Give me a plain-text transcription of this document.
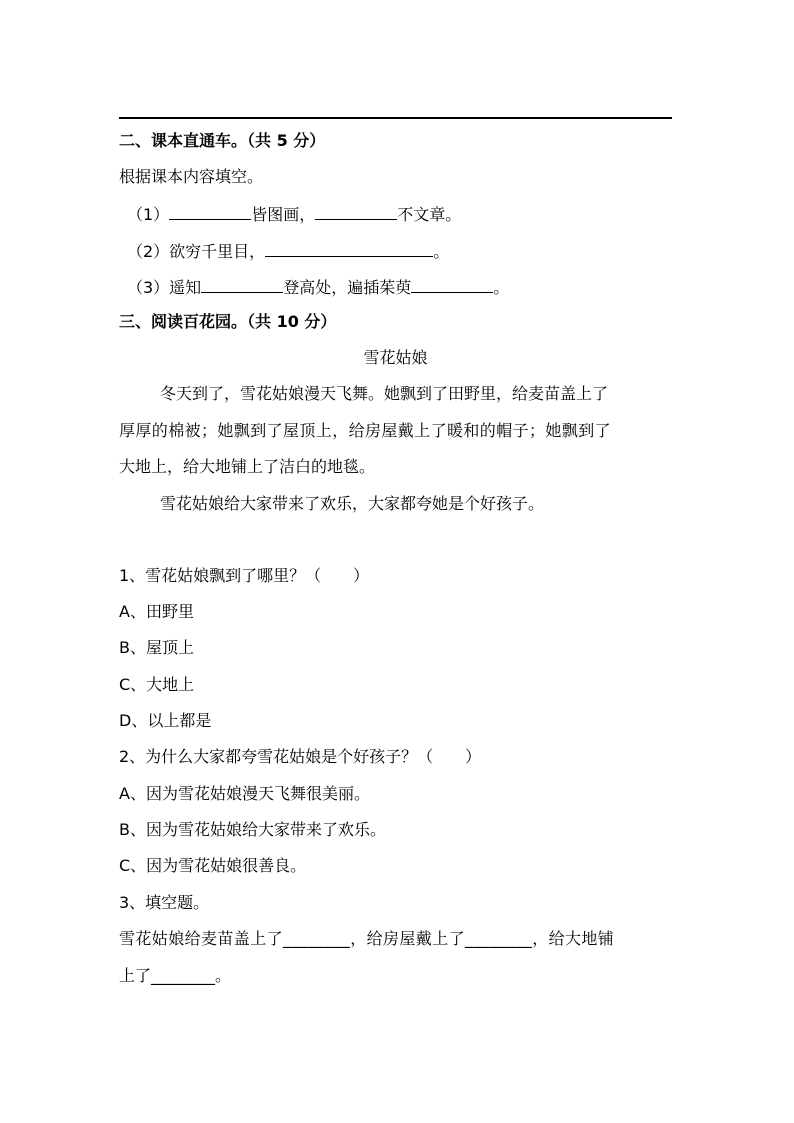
二、课本直通车。（共 5 分）
根据课本内容填空。
（1）	皆图画，	不文章。
（2）欲穷千里目，	。
（3）遥知	登高处，遍插茱萸	。
三、阅读百花园。（共 10 分）
雪花姑娘
冬天到了，雪花姑娘漫天飞舞。她飘到了田野里，给麦苗盖上了
厚厚的棉被；她飘到了屋顶上，给房屋戴上了暖和的帽子；她飘到了
大地上，给大地铺上了洁白的地毯。
雪花姑娘给大家带来了欢乐，大家都夸她是个好孩子。
1、雪花姑娘飘到了哪里？（　　）
A、田野里
B、屋顶上
C、大地上
D、以上都是
2、为什么大家都夸雪花姑娘是个好孩子？（　　）
A、因为雪花姑娘漫天飞舞很美丽。
B、因为雪花姑娘给大家带来了欢乐。
C、因为雪花姑娘很善良。
3、填空题。
雪花姑娘给麦苗盖上了________，给房屋戴上了________，给大地铺
上了________。
